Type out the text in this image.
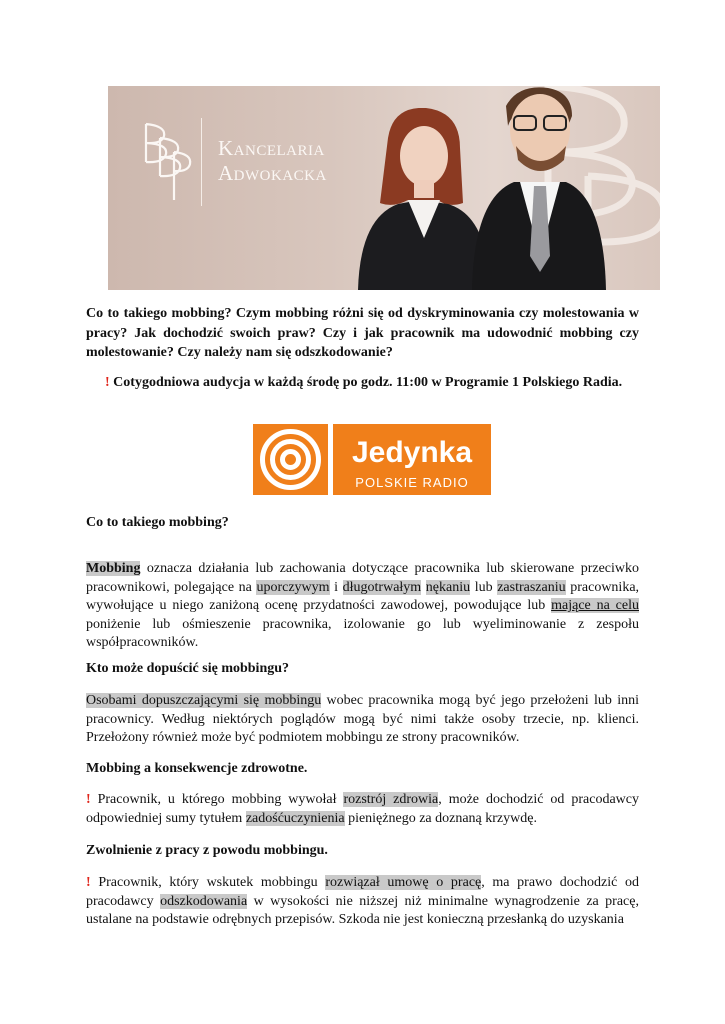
Kancelaria
Adwokacka
Co to takiego mobbing? Czym mobbing różni się od dyskryminowania czy molestowania w pracy? Jak dochodzić swoich praw? Czy i jak pracownik ma udowodnić mobbing czy molestowanie? Czy należy nam się odszkodowanie?
! Cotygodniowa audycja w każdą środę po godz. 11:00 w Programie 1 Polskiego Radia.
Jedynka
POLSKIE RADIO
Co to takiego mobbing?
Mobbing oznacza działania lub zachowania dotyczące pracownika lub skierowane przeciwko pracownikowi, polegające na uporczywym i długotrwałym nękaniu lub zastraszaniu pracownika, wywołujące u niego zaniżoną ocenę przydatności zawodowej, powodujące lub mające na celu poniżenie lub ośmieszenie pracownika, izolowanie go lub wyeliminowanie z zespołu współpracowników.
Kto może dopuścić się mobbingu?
Osobami dopuszczającymi się mobbingu wobec pracownika mogą być jego przełożeni lub inni pracownicy. Według niektórych poglądów mogą być nimi także osoby trzecie, np. klienci. Przełożony również może być podmiotem mobbingu ze strony pracowników.
Mobbing a konsekwencje zdrowotne.
! Pracownik, u którego mobbing wywołał rozstrój zdrowia, może dochodzić od pracodawcy odpowiedniej sumy tytułem zadośćuczynienia pieniężnego za doznaną krzywdę.
Zwolnienie z pracy z powodu mobbingu.
! Pracownik, który wskutek mobbingu rozwiązał umowę o pracę, ma prawo dochodzić od pracodawcy odszkodowania w wysokości nie niższej niż minimalne wynagrodzenie za pracę, ustalane na podstawie odrębnych przepisów. Szkoda nie jest konieczną przesłanką do uzyskania
